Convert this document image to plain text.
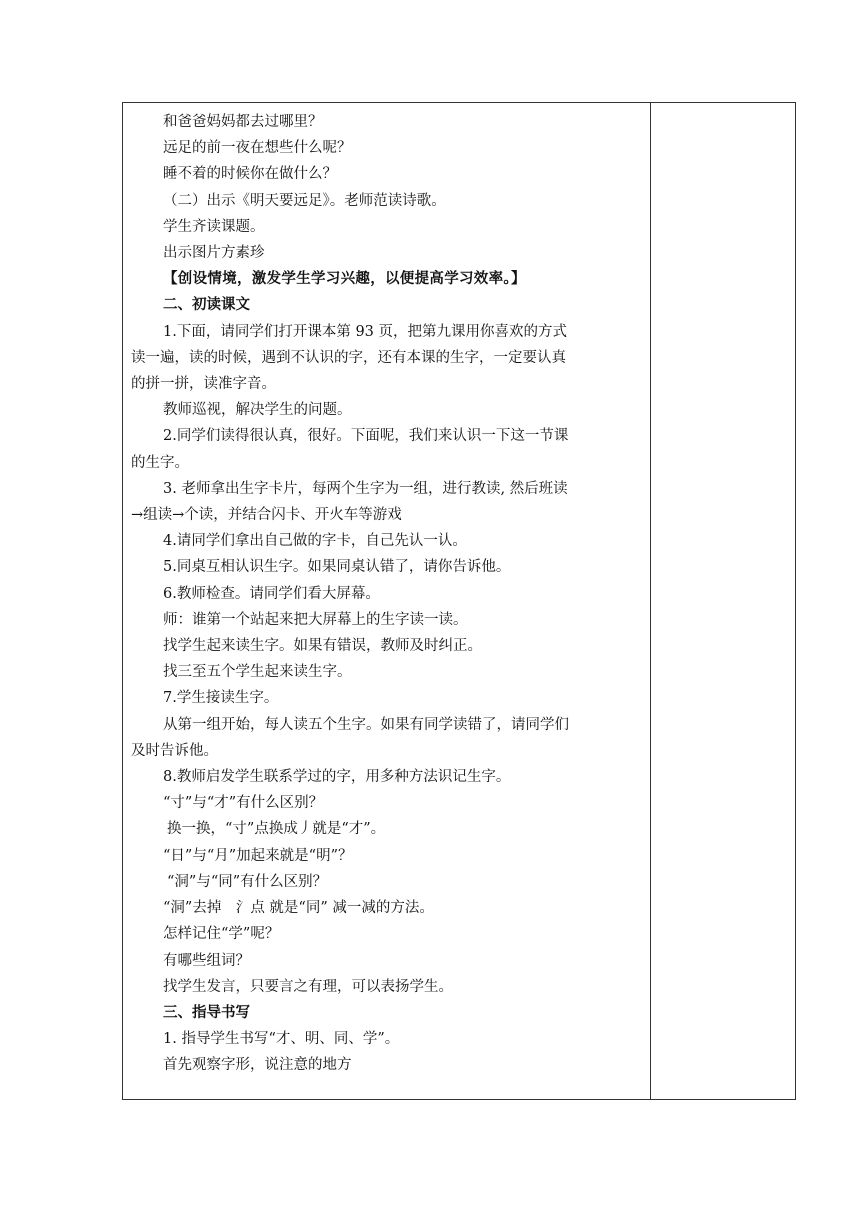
和爸爸妈妈都去过哪里？
远足的前一夜在想些什么呢？
睡不着的时候你在做什么？
（二）出示《明天要远足》。老师范读诗歌。
学生齐读课题。
出示图片方素珍
【创设情境，激发学生学习兴趣，以便提高学习效率。】
二、初读课文
1.下面，请同学们打开课本第 93 页，把第九课用你喜欢的方式
读一遍，读的时候，遇到不认识的字，还有本课的生字，一定要认真
的拼一拼，读准字音。
教师巡视，解决学生的问题。
2.同学们读得很认真，很好。下面呢，我们来认识一下这一节课
的生字。
3. 老师拿出生字卡片，每两个生字为一组，进行教读, 然后班读
→组读→个读，并结合闪卡、开火车等游戏
4.请同学们拿出自己做的字卡，自己先认一认。
5.同桌互相认识生字。如果同桌认错了，请你告诉他。
6.教师检查。请同学们看大屏幕。
师：谁第一个站起来把大屏幕上的生字读一读。
找学生起来读生字。如果有错误，教师及时纠正。
找三至五个学生起来读生字。
7.学生接读生字。
从第一组开始，每人读五个生字。如果有同学读错了，请同学们
及时告诉他。
8.教师启发学生联系学过的字，用多种方法识记生字。
“寸”与“才”有什么区别？
换一换，“寸”点换成丿就是“才”。
“日”与“月”加起来就是“明”？
“洞”与“同”有什么区别？
“洞”去掉　氵点 就是“同” 减一减的方法。
怎样记住“学”呢？
有哪些组词？
找学生发言，只要言之有理，可以表扬学生。
三、指导书写
1. 指导学生书写“才、明、同、学”。
首先观察字形，说注意的地方
